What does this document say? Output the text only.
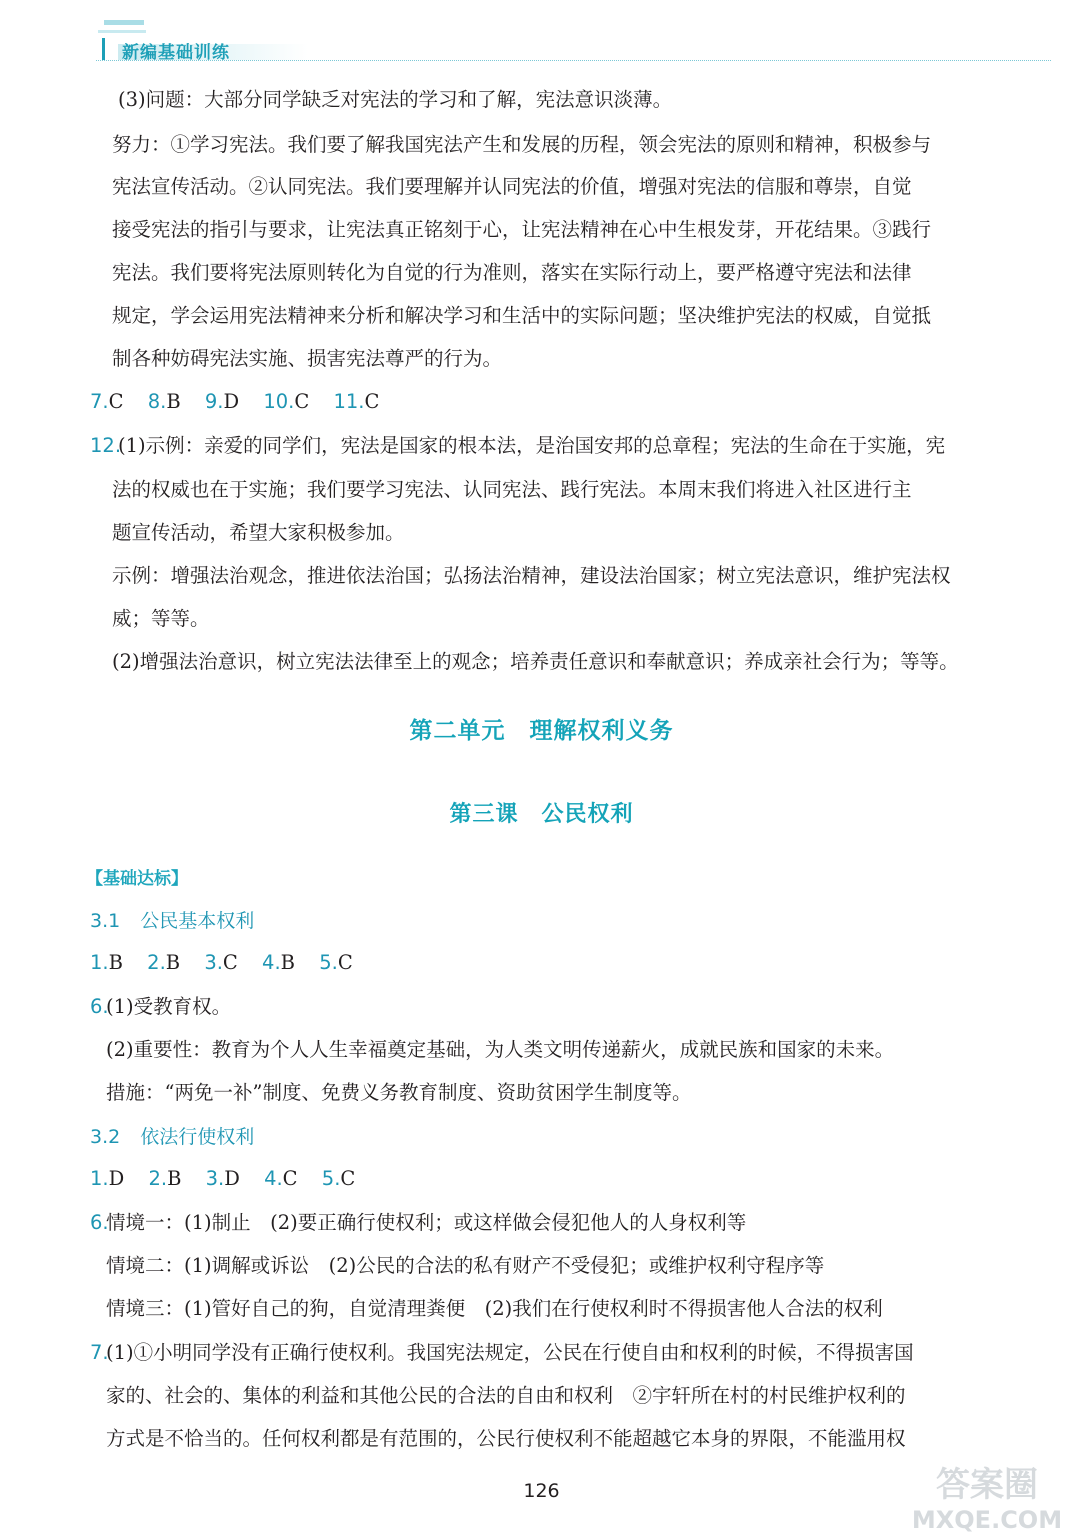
新编基础训练
(3)问题：大部分同学缺乏对宪法的学习和了解，宪法意识淡薄。
努力：①学习宪法。我们要了解我国宪法产生和发展的历程，领会宪法的原则和精神，积极参与
宪法宣传活动。②认同宪法。我们要理解并认同宪法的价值，增强对宪法的信服和尊崇，自觉
接受宪法的指引与要求，让宪法真正铭刻于心，让宪法精神在心中生根发芽，开花结果。③践行
宪法。我们要将宪法原则转化为自觉的行为准则，落实在实际行动上，要严格遵守宪法和法律
规定，学会运用宪法精神来分析和解决学习和生活中的实际问题；坚决维护宪法的权威，自觉抵
制各种妨碍宪法实施、损害宪法尊严的行为。
7.C 8.B 9.D 10.C 11.C
12.
(1)示例：亲爱的同学们，宪法是国家的根本法，是治国安邦的总章程；宪法的生命在于实施，宪
法的权威也在于实施；我们要学习宪法、认同宪法、践行宪法。本周末我们将进入社区进行主
题宣传活动，希望大家积极参加。
示例：增强法治观念，推进依法治国；弘扬法治精神，建设法治国家；树立宪法意识，维护宪法权
威；等等。
(2)增强法治意识，树立宪法法律至上的观念；培养责任意识和奉献意识；养成亲社会行为；等等。
第二单元　理解权利义务
第三课　公民权利
【基础达标】
3.1 公民基本权利
1.B 2.B 3.C 4.B 5.C
6.
(1)受教育权。
(2)重要性：教育为个人人生幸福奠定基础，为人类文明传递薪火，成就民族和国家的未来。
措施：“两免一补”制度、免费义务教育制度、资助贫困学生制度等。
3.2 依法行使权利
1.D 2.B 3.D 4.C 5.C
6.
情境一：(1)制止　(2)要正确行使权利；或这样做会侵犯他人的人身权利等
情境二：(1)调解或诉讼　(2)公民的合法的私有财产不受侵犯；或维护权利守程序等
情境三：(1)管好自己的狗，自觉清理粪便　(2)我们在行使权利时不得损害他人合法的权利
7.
(1)①小明同学没有正确行使权利。我国宪法规定，公民在行使自由和权利的时候，不得损害国
家的、社会的、集体的利益和其他公民的合法的自由和权利　②宇轩所在村的村民维护权利的
方式是不恰当的。任何权利都是有范围的，公民行使权利不能超越它本身的界限，不能滥用权
126	答案圈
MXQE.COM
